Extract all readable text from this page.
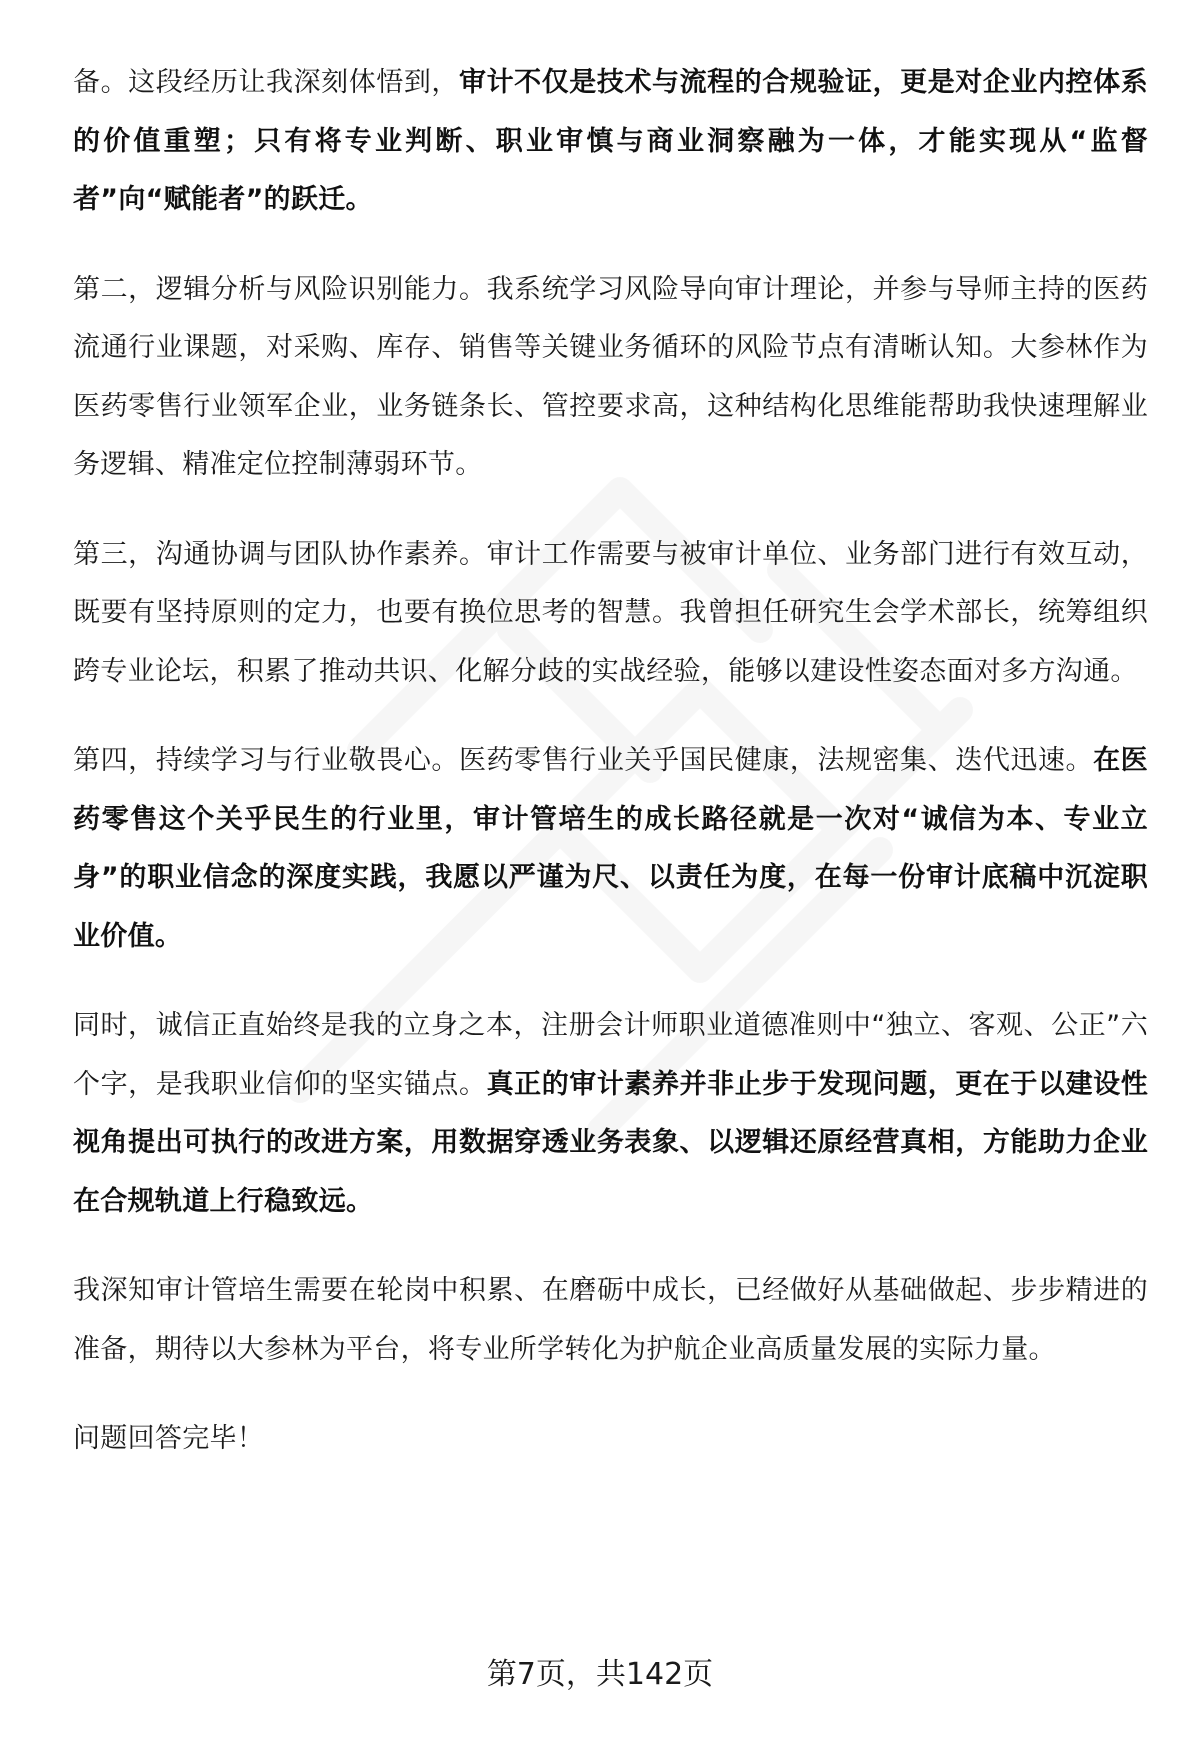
备。这段经历让我深刻体悟到，审计不仅是技术与流程的合规验证，更是对企业内控体系的价值重塑；只有将专业判断、职业审慎与商业洞察融为一体，才能实现从“监督者”向“赋能者”的跃迁。

第二，逻辑分析与风险识别能力。我系统学习风险导向审计理论，并参与导师主持的医药流通行业课题，对采购、库存、销售等关键业务循环的风险节点有清晰认知。大参林作为医药零售行业领军企业，业务链条长、管控要求高，这种结构化思维能帮助我快速理解业务逻辑、精准定位控制薄弱环节。

第三，沟通协调与团队协作素养。审计工作需要与被审计单位、业务部门进行有效互动，既要有坚持原则的定力，也要有换位思考的智慧。我曾担任研究生会学术部长，统筹组织跨专业论坛，积累了推动共识、化解分歧的实战经验，能够以建设性姿态面对多方沟通。

第四，持续学习与行业敬畏心。医药零售行业关乎国民健康，法规密集、迭代迅速。在医药零售这个关乎民生的行业里，审计管培生的成长路径就是一次对“诚信为本、专业立身”的职业信念的深度实践，我愿以严谨为尺、以责任为度，在每一份审计底稿中沉淀职业价值。

同时，诚信正直始终是我的立身之本，注册会计师职业道德准则中“独立、客观、公正”六个字，是我职业信仰的坚实锚点。真正的审计素养并非止步于发现问题，更在于以建设性视角提出可执行的改进方案，用数据穿透业务表象、以逻辑还原经营真相，方能助力企业在合规轨道上行稳致远。

我深知审计管培生需要在轮岗中积累、在磨砺中成长，已经做好从基础做起、步步精进的准备，期待以大参林为平台，将专业所学转化为护航企业高质量发展的实际力量。

问题回答完毕！

第7页，共142页
